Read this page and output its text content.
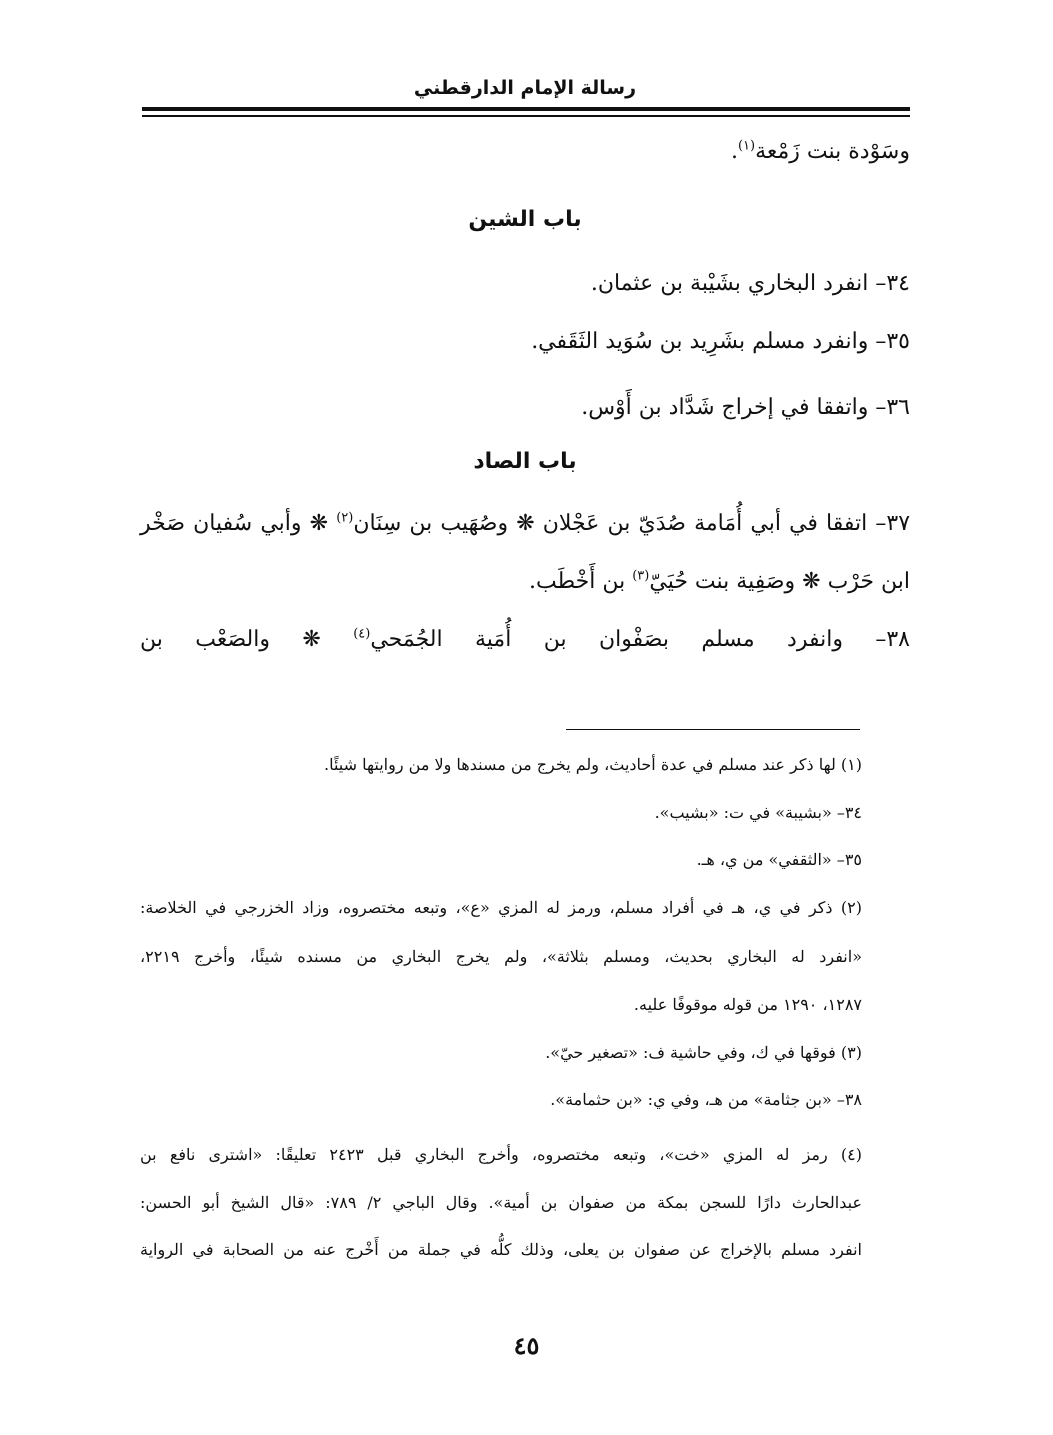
رسالة الإمام الدارقطني
وسَوْدة بنت زَمْعة$^{(١)}$.
باب الشين
٣٤– انفرد البخاري بشَيْبة بن عثمان.
٣٥– وانفرد مسلم بشَرِيد بن سُوَيد الثَقَفي.
٣٦– واتفقا في إخراج شَدَّاد بن أَوْس.
باب الصاد
٣٧– اتفقا في أبي أُمَامة صُدَيّ بن عَجْلان ❋ وصُهَيب بن سِنَان$^{(٢)}$ ❋ وأبي سُفيان صَخْر
ابن حَرْب ❋ وصَفِية بنت حُيَيّ$^{(٣)}$ بن أَخْطَب.
٣٨– وانفرد مسلم بصَفْوان بن أُمَية الجُمَحي$^{(٤)}$ ❋ والصَعْب بن
(١) لها ذكر عند مسلم في عدة أحاديث، ولم يخرج من مسندها ولا من روايتها شيئًا.
٣٤– «بشيبة» في ت: «بشيب».
٣٥– «الثقفي» من ي، هـ.
(٢) ذكر في ي، هـ في أفراد مسلم، ورمز له المزي «ع»، وتبعه مختصروه، وزاد الخزرجي في الخلاصة:
«انفرد له البخاري بحديث، ومسلم بثلاثة»، ولم يخرج البخاري من مسنده شيئًا، وأخرج ٢٢١٩،
١٢٨٧، ١٢٩٠ من قوله موقوفًا عليه.
(٣) فوقها في ك، وفي حاشية ف: «تصغير حيّ».
٣٨– «بن جثامة» من هـ، وفي ي: «بن حثمامة».
(٤) رمز له المزي «خت»، وتبعه مختصروه، وأخرج البخاري قبل ٢٤٢٣ تعليقًا: «اشترى نافع بن
عبدالحارث دارًا للسجن بمكة من صفوان بن أمية». وقال الباجي ٢/ ٧٨٩: «قال الشيخ أبو الحسن:
انفرد مسلم بالإخراج عن صفوان بن يعلى، وذلك كلُّه في جملة من أَخْرج عنه من الصحابة في الرواية
٤٥
